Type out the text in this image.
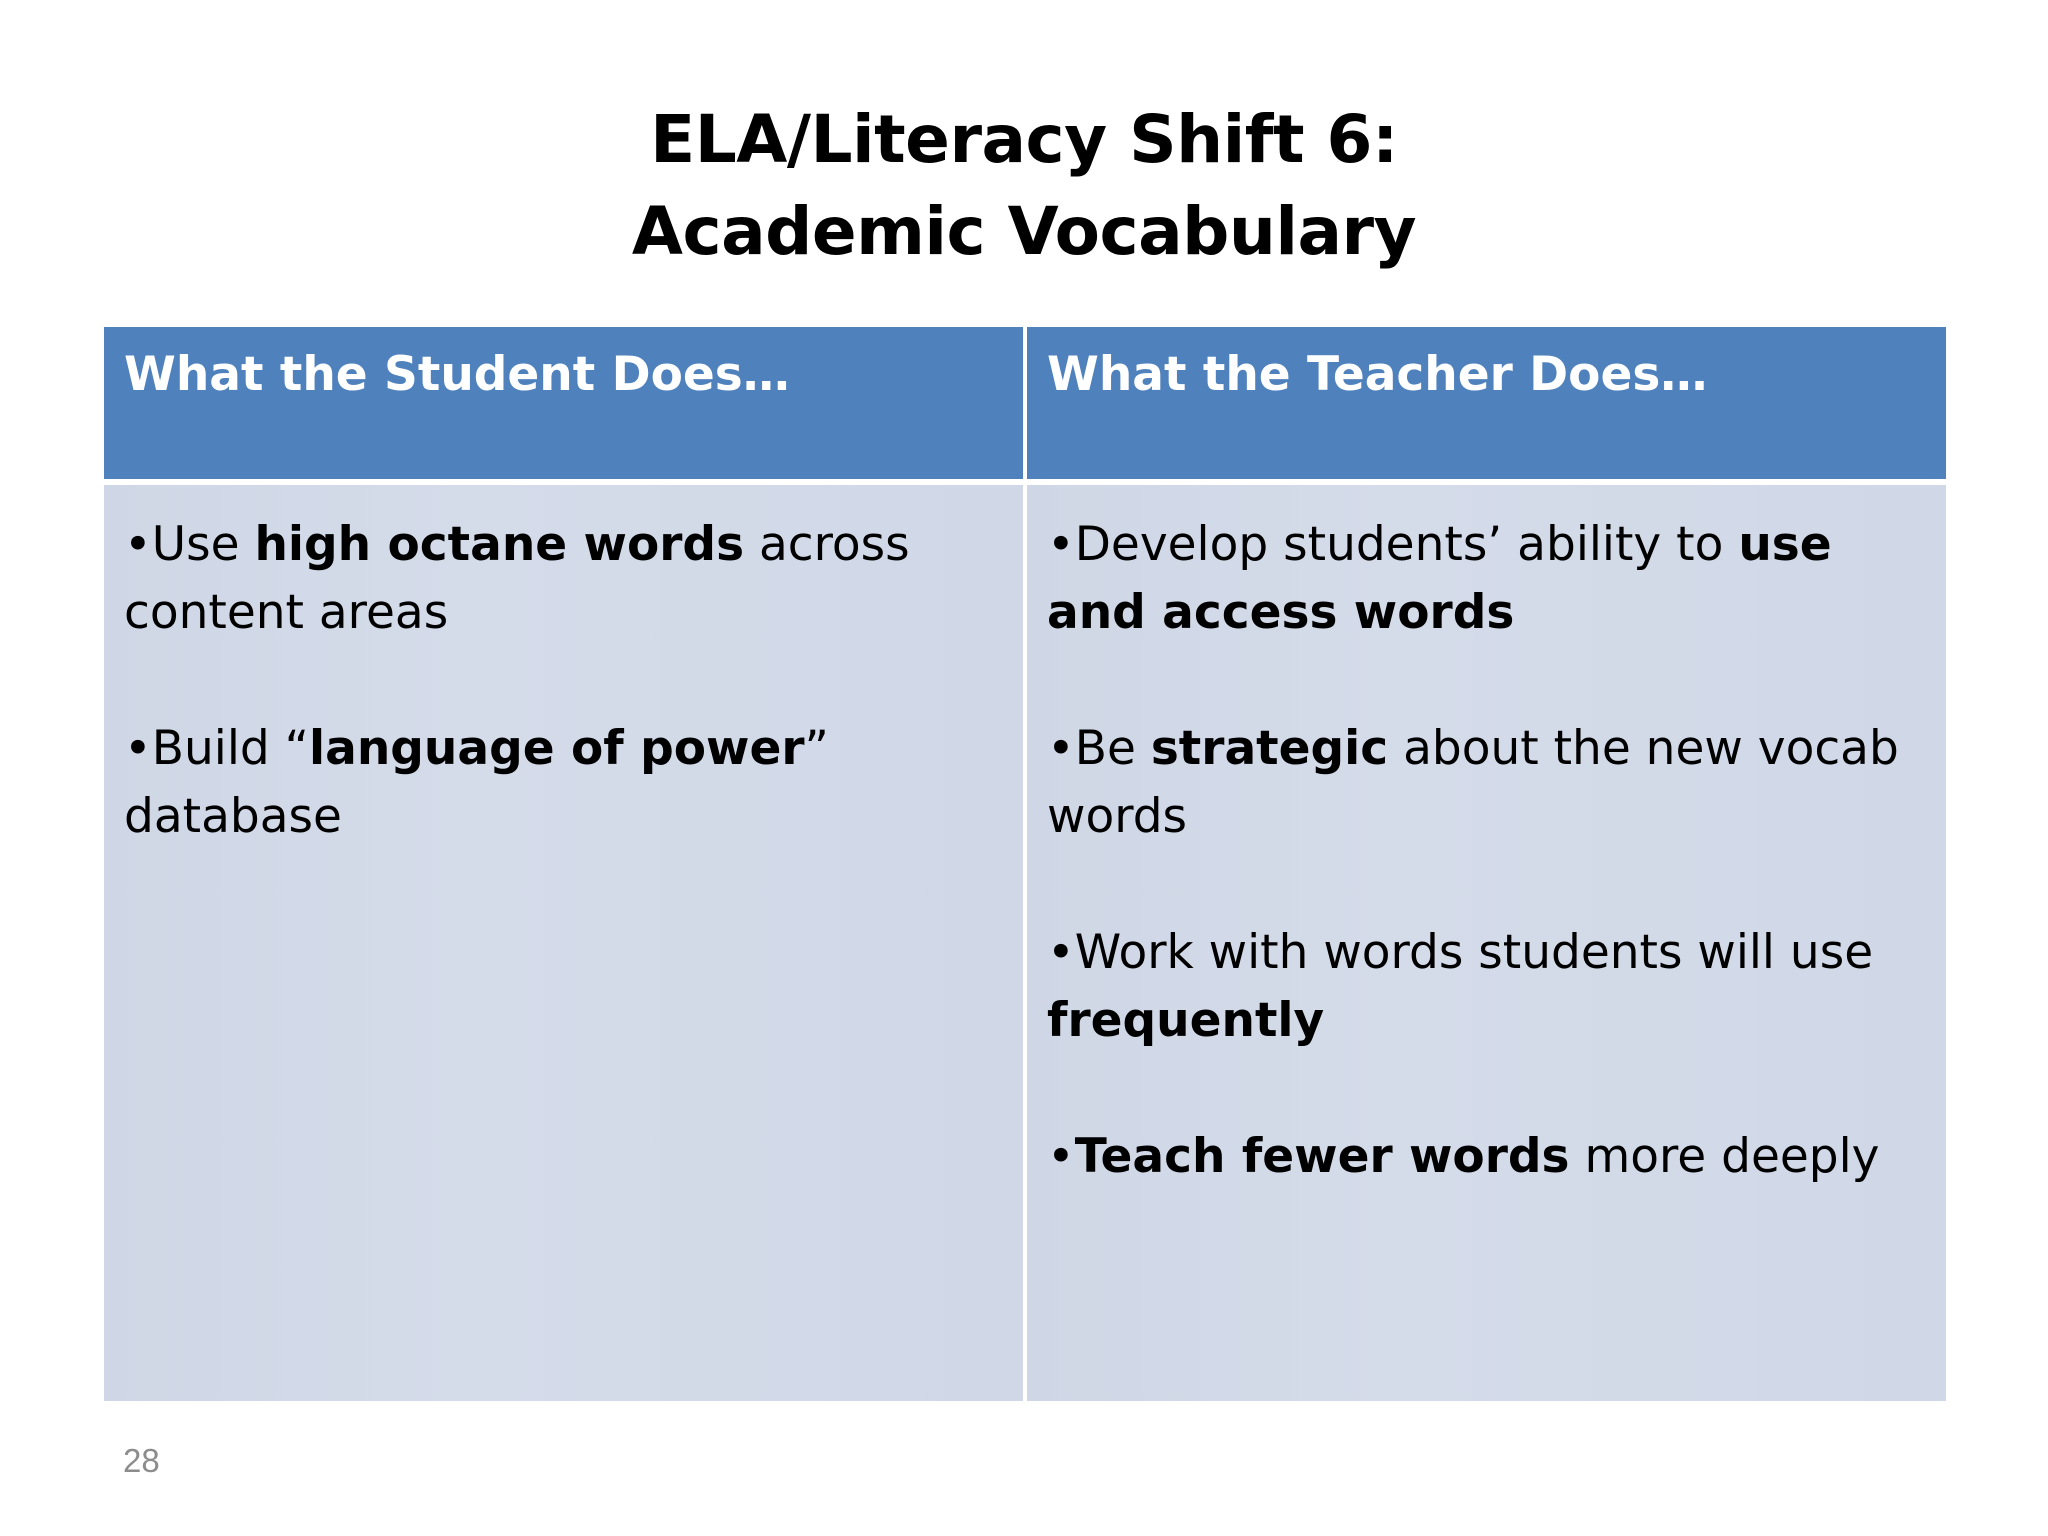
ELA/Literacy Shift 6:
Academic Vocabulary
What the Student Does…	What the Teacher Does…

•Use high octane words across content areas

•Build “language of power” database

•Develop students’ ability to use and access words

•Be strategic about the new vocab words

•Work with words students will use frequently

•Teach fewer words more deeply

28
